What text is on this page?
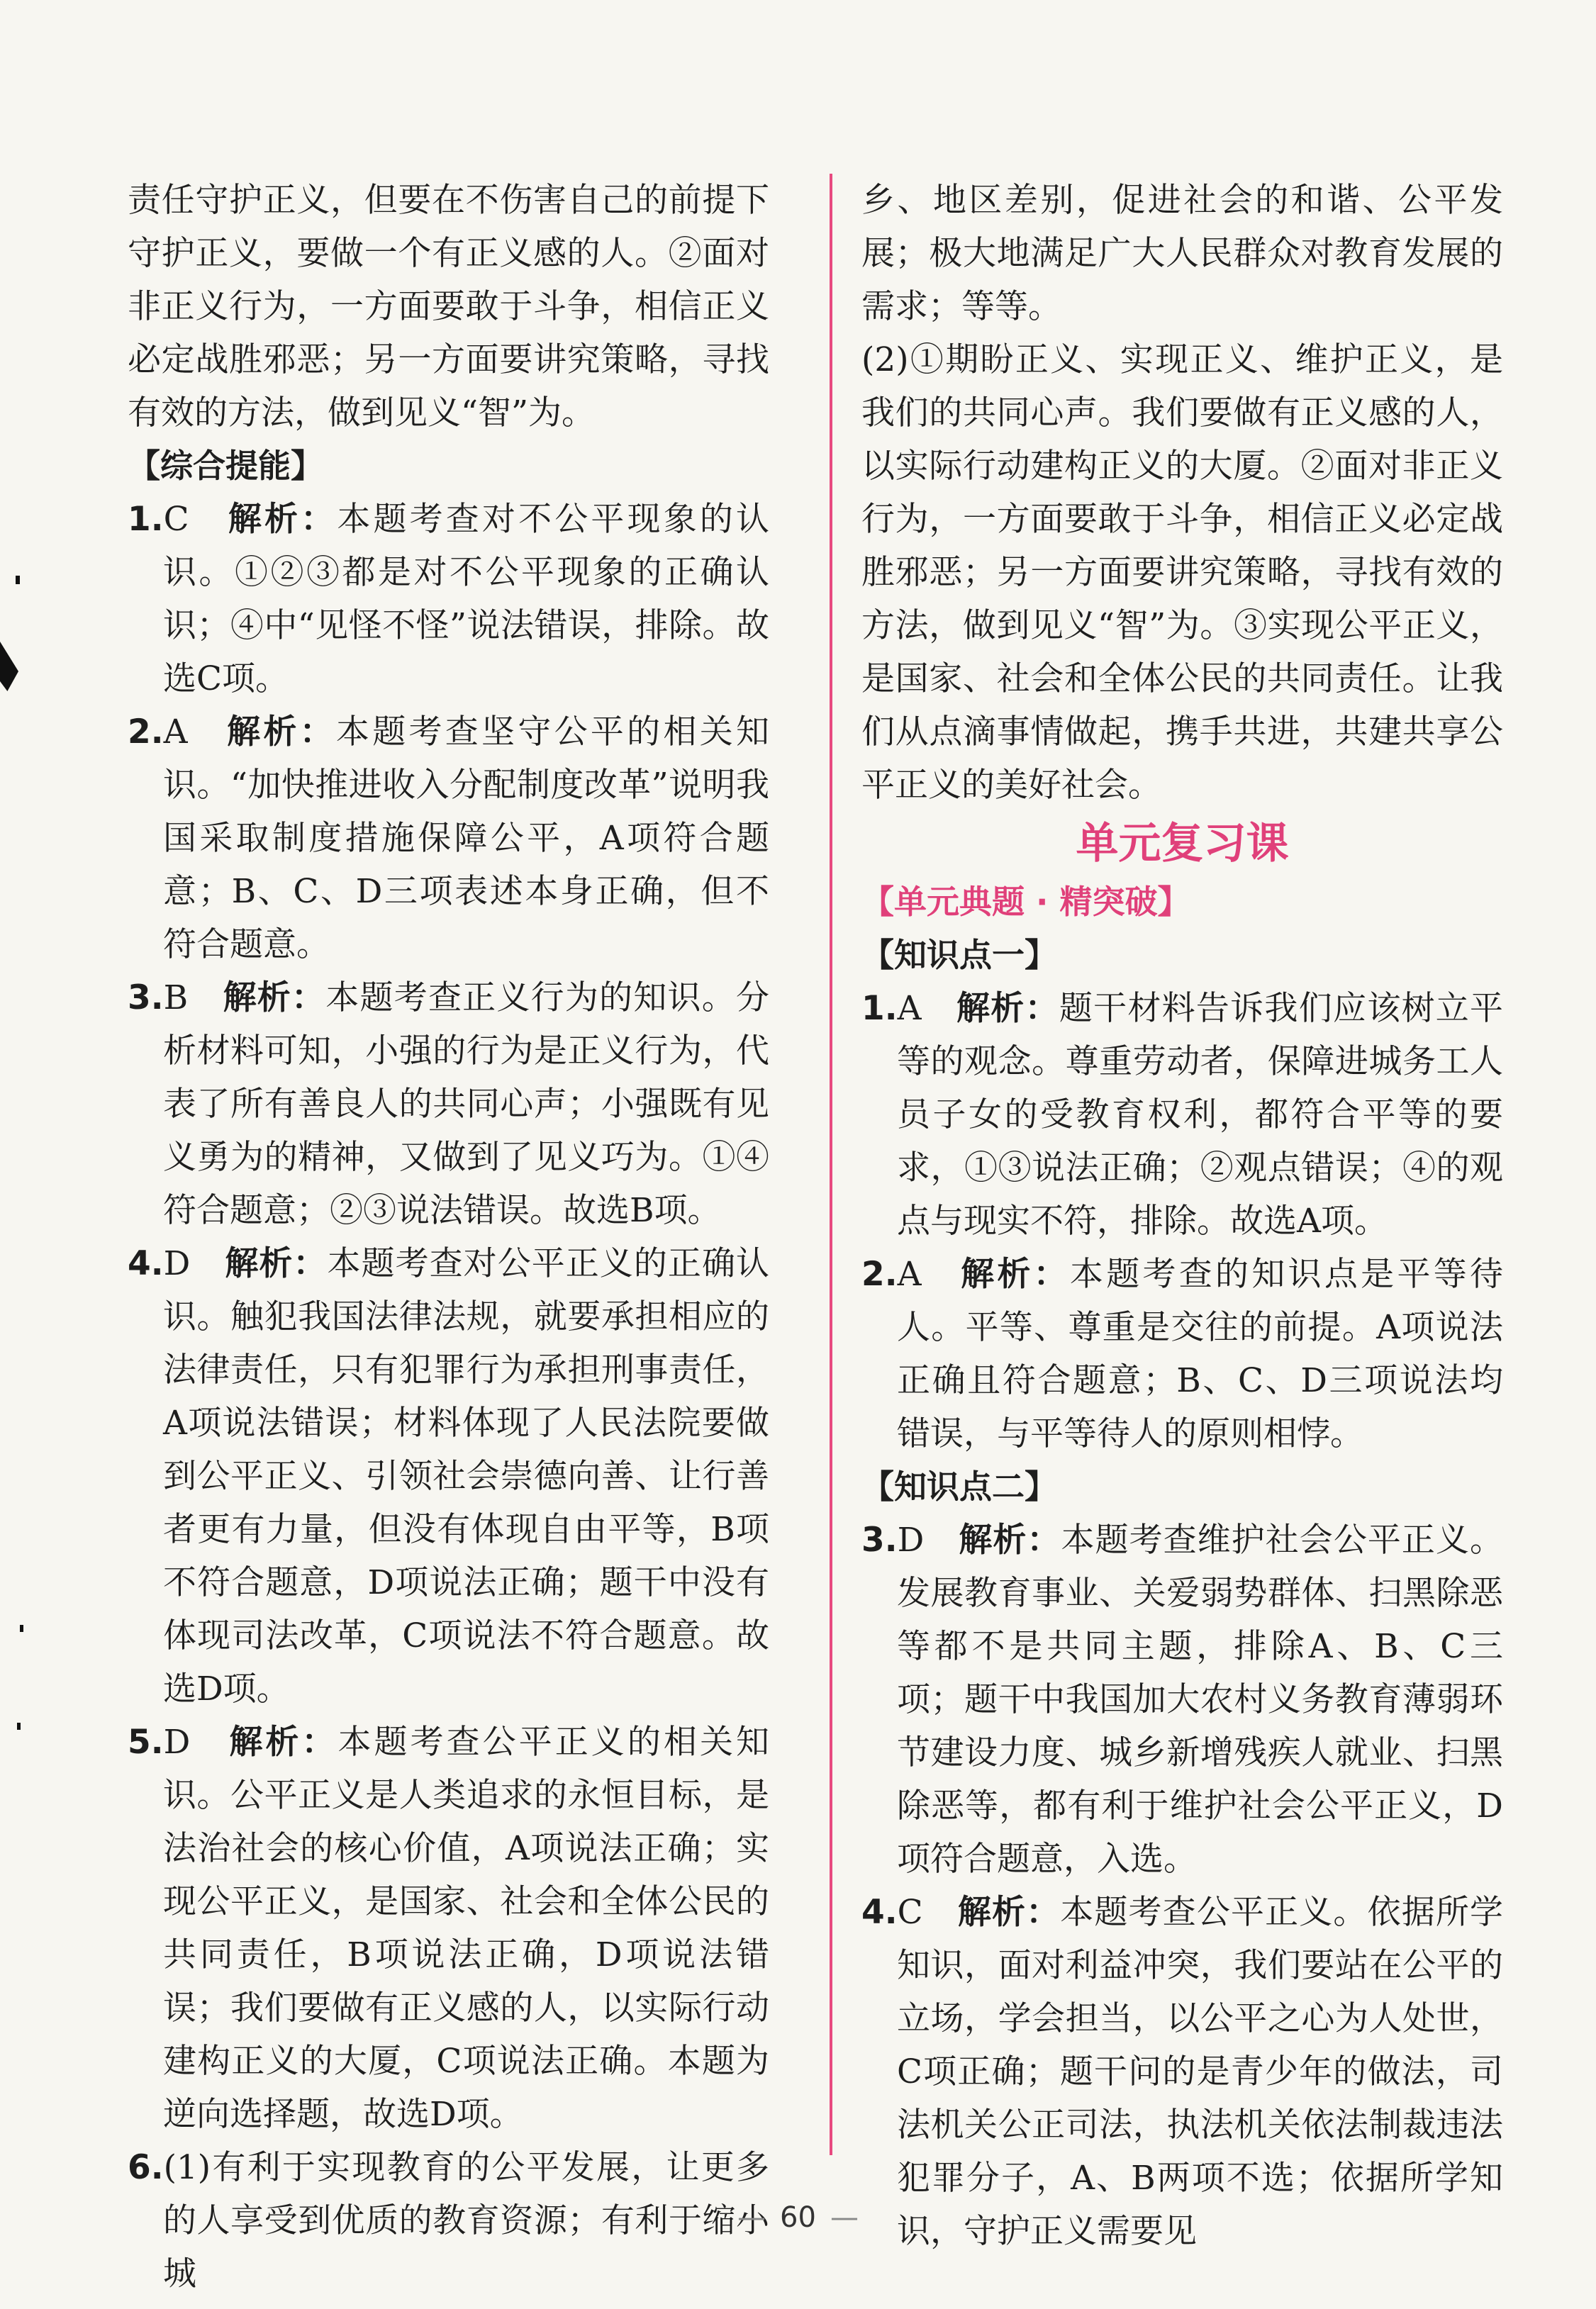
责任守护正义，但要在不伤害自己的前提下守护正义，要做一个有正义感的人。②面对非正义行为，一方面要敢于斗争，相信正义必定战胜邪恶；另一方面要讲究策略，寻找有效的方法，做到见义“智”为。

【综合提能】

1.C　 解析：本题考查对不公平现象的认识。①②③都是对不公平现象的正确认识；④中“见怪不怪”说法错误，排除。故选C项。

2.A　 解析：本题考查坚守公平的相关知识。“加快推进收入分配制度改革”说明我国采取制度措施保障公平，A项符合题意；B、C、D三项表述本身正确，但不符合题意。

3.B　 解析：本题考查正义行为的知识。分析材料可知，小强的行为是正义行为，代表了所有善良人的共同心声；小强既有见义勇为的精神，又做到了见义巧为。①④符合题意；②③说法错误。故选B项。

4.D　 解析：本题考查对公平正义的正确认识。触犯我国法律法规，就要承担相应的法律责任，只有犯罪行为承担刑事责任，A项说法错误；材料体现了人民法院要做到公平正义、引领社会崇德向善、让行善者更有力量，但没有体现自由平等，B项不符合题意，D项说法正确；题干中没有体现司法改革，C项说法不符合题意。故选D项。

5.D　 解析：本题考查公平正义的相关知识。公平正义是人类追求的永恒目标，是法治社会的核心价值，A项说法正确；实现公平正义，是国家、社会和全体公民的共同责任，B项说法正确，D项说法错误；我们要做有正义感的人，以实际行动建构正义的大厦，C项说法正确。本题为逆向选择题，故选D项。

6.(1)有利于实现教育的公平发展，让更多的人享受到优质的教育资源；有利于缩小城

乡、地区差别，促进社会的和谐、公平发展；极大地满足广大人民群众对教育发展的需求；等等。

(2)①期盼正义、实现正义、维护正义，是我们的共同心声。我们要做有正义感的人，以实际行动建构正义的大厦。②面对非正义行为，一方面要敢于斗争，相信正义必定战胜邪恶；另一方面要讲究策略，寻找有效的方法，做到见义“智”为。③实现公平正义，是国家、社会和全体公民的共同责任。让我们从点滴事情做起，携手共进，共建共享公平正义的美好社会。

单元复习课

【单元典题 · 精突破】

【知识点一】

1.A　 解析：题干材料告诉我们应该树立平等的观念。尊重劳动者，保障进城务工人员子女的受教育权利，都符合平等的要求，①③说法正确；②观点错误；④的观点与现实不符，排除。故选A项。

2.A　 解析：本题考查的知识点是平等待人。平等、尊重是交往的前提。A项说法正确且符合题意；B、C、D三项说法均错误，与平等待人的原则相悖。

【知识点二】

3.D　 解析：本题考查维护社会公平正义。发展教育事业、关爱弱势群体、扫黑除恶等都不是共同主题，排除A、B、C三项；题干中我国加大农村义务教育薄弱环节建设力度、城乡新增残疾人就业、扫黑除恶等，都有利于维护社会公平正义，D项符合题意，入选。

4.C　 解析：本题考查公平正义。依据所学知识，面对利益冲突，我们要站在公平的立场，学会担当，以公平之心为人处世，C项正确；题干问的是青少年的做法，司法机关公正司法，执法机关依法制裁违法犯罪分子，A、B两项不选；依据所学知识，守护正义需要见

— 60 —
